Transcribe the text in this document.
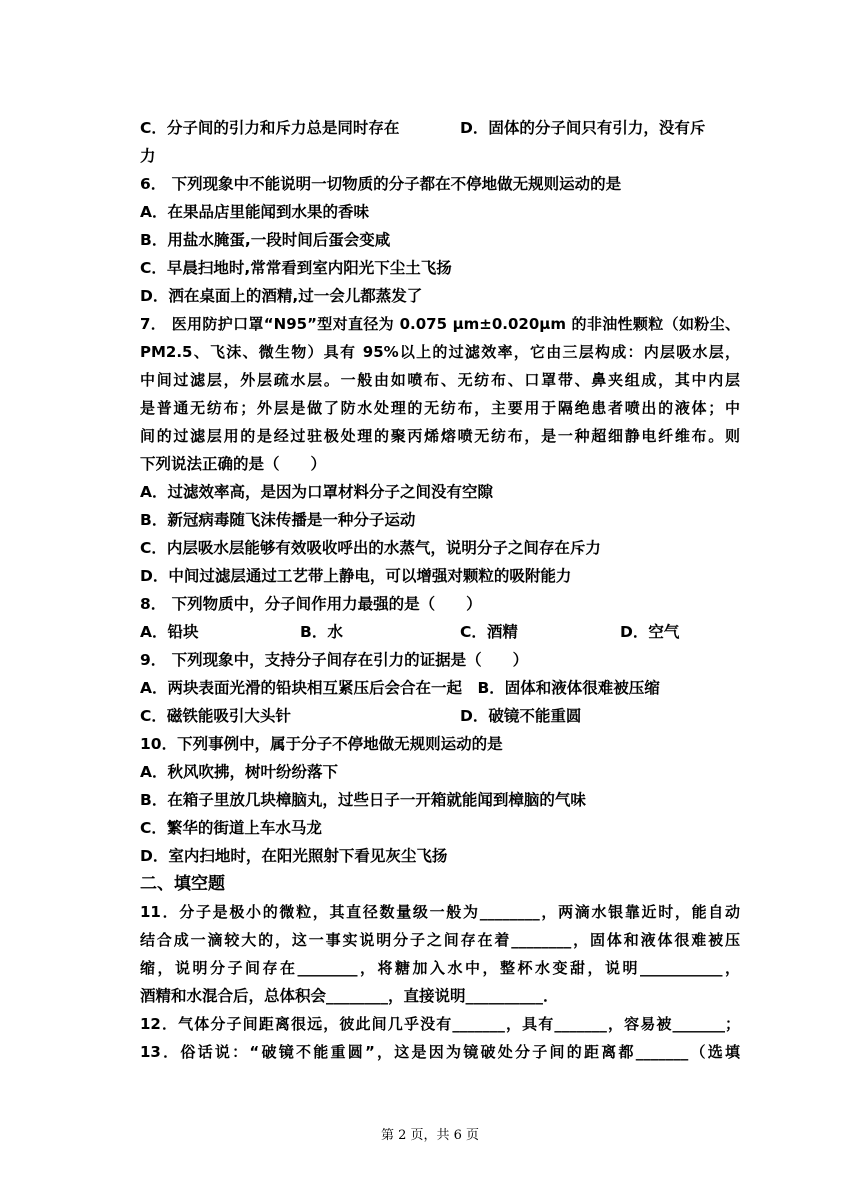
C．分子间的引力和斥力总是同时存在	D．固体的分子间只有引力，没有斥
力
6． 下列现象中不能说明一切物质的分子都在不停地做无规则运动的是
A．在果品店里能闻到水果的香味
B．用盐水腌蛋,一段时间后蛋会变咸
C．早晨扫地时,常常看到室内阳光下尘土飞扬
D．洒在桌面上的酒精,过一会儿都蒸发了
7． 医用防护口罩“N95”型对直径为 0.075 μm±0.020μm 的非油性颗粒（如粉尘、
PM2.5、飞沫、微生物）具有 95%以上的过滤效率，它由三层构成：内层吸水层，
中间过滤层，外层疏水层。一般由如喷布、无纺布、口罩带、鼻夹组成，其中内层
是普通无纺布；外层是做了防水处理的无纺布，主要用于隔绝患者喷出的液体；中
间的过滤层用的是经过驻极处理的聚丙烯熔喷无纺布，是一种超细静电纤维布。则
下列说法正确的是（　　）
A．过滤效率高，是因为口罩材料分子之间没有空隙
B．新冠病毒随飞沫传播是一种分子运动
C．内层吸水层能够有效吸收呼出的水蒸气，说明分子之间存在斥力
D．中间过滤层通过工艺带上静电，可以增强对颗粒的吸附能力
8． 下列物质中，分子间作用力最强的是（　　）
A．铅块	B．水	C．酒精	D．空气
9． 下列现象中，支持分子间存在引力的证据是（　　）
A．两块表面光滑的铅块相互紧压后会合在一起　B．固体和液体很难被压缩
C．磁铁能吸引大头针	D．破镜不能重圆
10．下列事例中，属于分子不停地做无规则运动的是
A．秋风吹拂，树叶纷纷落下
B．在箱子里放几块樟脑丸，过些日子一开箱就能闻到樟脑的气味
C．繁华的街道上车水马龙
D．室内扫地时，在阳光照射下看见灰尘飞扬
二、填空题
11．分子是极小的微粒，其直径数量级一般为________，两滴水银靠近时，能自动
结合成一滴较大的，这一事实说明分子之间存在着________，固体和液体很难被压
缩，说明分子间存在________，将糖加入水中，整杯水变甜，说明___________，
酒精和水混合后，总体积会________，直接说明__________．
12．气体分子间距离很远，彼此间几乎没有_______，具有_______，容易被_______；
13．俗话说：“破镜不能重圆”，这是因为镜破处分子间的距离都_______（选填
第 2 页，共 6 页
